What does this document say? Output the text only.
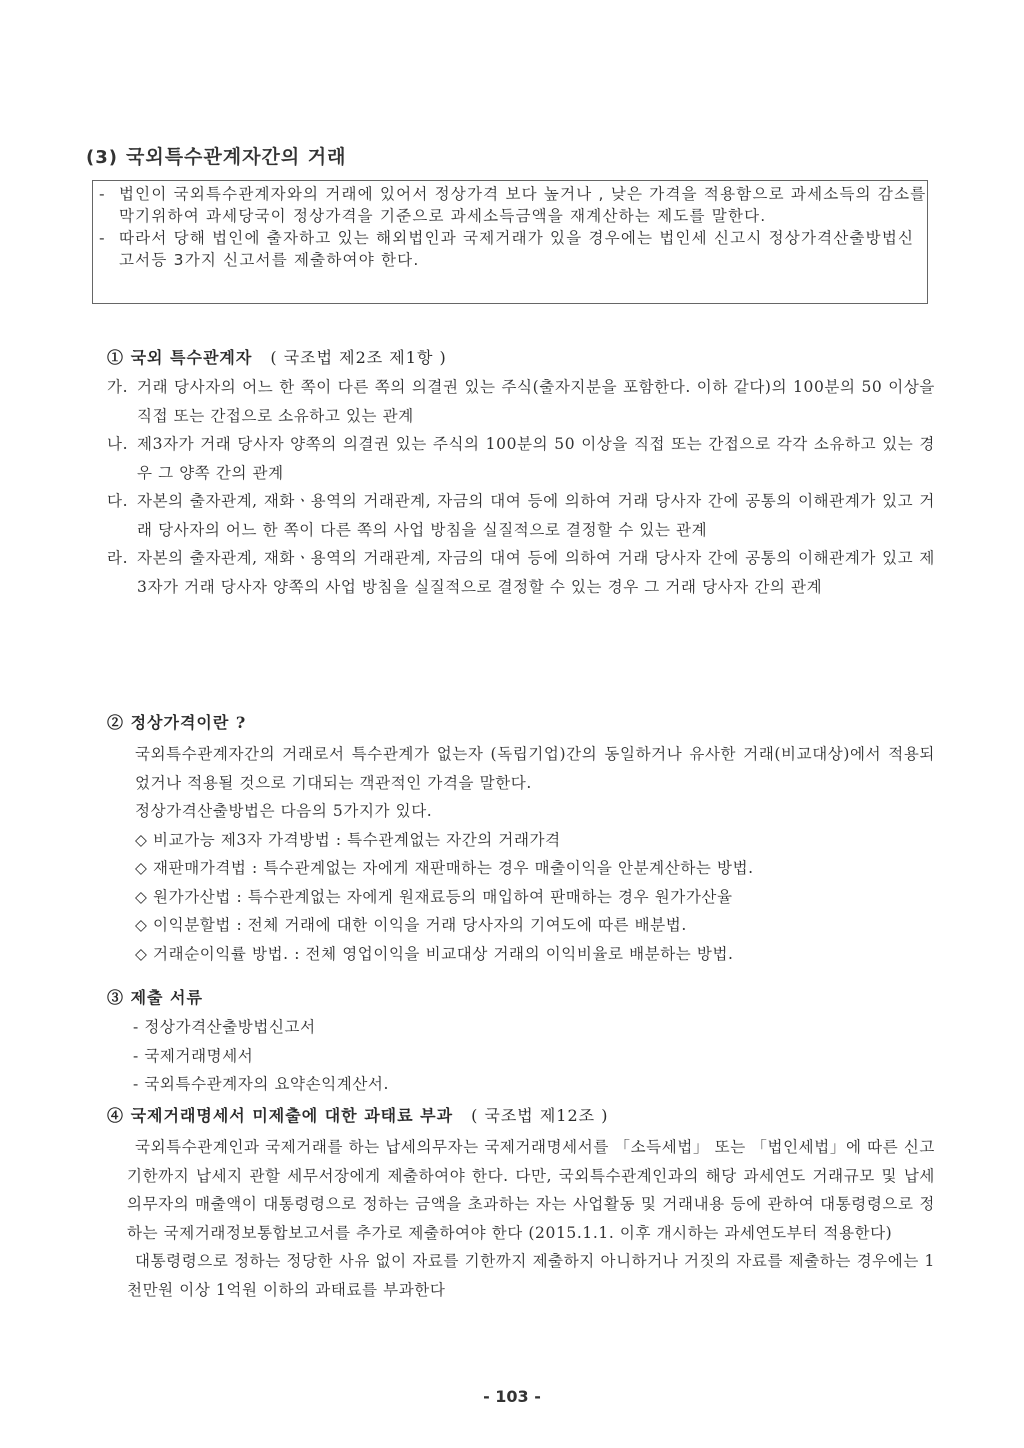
(3) 국외특수관계자간의 거래
- 법인이 국외특수관계자와의 거래에 있어서 정상가격 보다 높거나 , 낮은 가격을 적용함으로 과세소득의 감소를 막기위하여 과세당국이 정상가격을 기준으로 과세소득금액을 재계산하는 제도를 말한다.
- 따라서 당해 법인에 출자하고 있는 해외법인과 국제거래가 있을 경우에는 법인세 신고시 정상가격산출방법신고서등 3가지 신고서를 제출하여야 한다.
① 국외 특수관계자 ( 국조법 제2조 제1항 )
가. 거래 당사자의 어느 한 쪽이 다른 쪽의 의결권 있는 주식(출자지분을 포함한다. 이하 같다)의 100분의 50 이상을 직접 또는 간접으로 소유하고 있는 관계
나. 제3자가 거래 당사자 양쪽의 의결권 있는 주식의 100분의 50 이상을 직접 또는 간접으로 각각 소유하고 있는 경우 그 양쪽 간의 관계
다. 자본의 출자관계, 재화ㆍ용역의 거래관계, 자금의 대여 등에 의하여 거래 당사자 간에 공통의 이해관계가 있고 거래 당사자의 어느 한 쪽이 다른 쪽의 사업 방침을 실질적으로 결정할 수 있는 관계
라. 자본의 출자관계, 재화ㆍ용역의 거래관계, 자금의 대여 등에 의하여 거래 당사자 간에 공통의 이해관계가 있고 제3자가 거래 당사자 양쪽의 사업 방침을 실질적으로 결정할 수 있는 경우 그 거래 당사자 간의 관계
② 정상가격이란 ?
국외특수관계자간의 거래로서 특수관계가 없는자 (독립기업)간의 동일하거나 유사한 거래(비교대상)에서 적용되었거나 적용될 것으로 기대되는 객관적인 가격을 말한다.
정상가격산출방법은 다음의 5가지가 있다.
◇ 비교가능 제3자 가격방법 : 특수관계없는 자간의 거래가격
◇ 재판매가격법 : 특수관계없는 자에게 재판매하는 경우 매출이익을 안분계산하는 방법.
◇ 원가가산법 : 특수관계없는 자에게 원재료등의 매입하여 판매하는 경우 원가가산율
◇ 이익분할법 : 전체 거래에 대한 이익을 거래 당사자의 기여도에 따른 배분법.
◇ 거래순이익률 방법. : 전체 영업이익을 비교대상 거래의 이익비율로 배분하는 방법.
③ 제출 서류
- 정상가격산출방법신고서
- 국제거래명세서
- 국외특수관계자의 요약손익계산서.
④ 국제거래명세서 미제출에 대한 과태료 부과 ( 국조법 제12조 )
국외특수관계인과 국제거래를 하는 납세의무자는 국제거래명세서를 「소득세법」 또는 「법인세법」에 따른 신고기한까지 납세지 관할 세무서장에게 제출하여야 한다. 다만, 국외특수관계인과의 해당 과세연도 거래규모 및 납세의무자의 매출액이 대통령령으로 정하는 금액을 초과하는 자는 사업활동 및 거래내용 등에 관하여 대통령령으로 정하는 국제거래정보통합보고서를 추가로 제출하여야 한다 (2015.1.1. 이후 개시하는 과세연도부터 적용한다)
대통령령으로 정하는 정당한 사유 없이 자료를 기한까지 제출하지 아니하거나 거짓의 자료를 제출하는 경우에는 1천만원 이상 1억원 이하의 과태료를 부과한다
- 103 -
